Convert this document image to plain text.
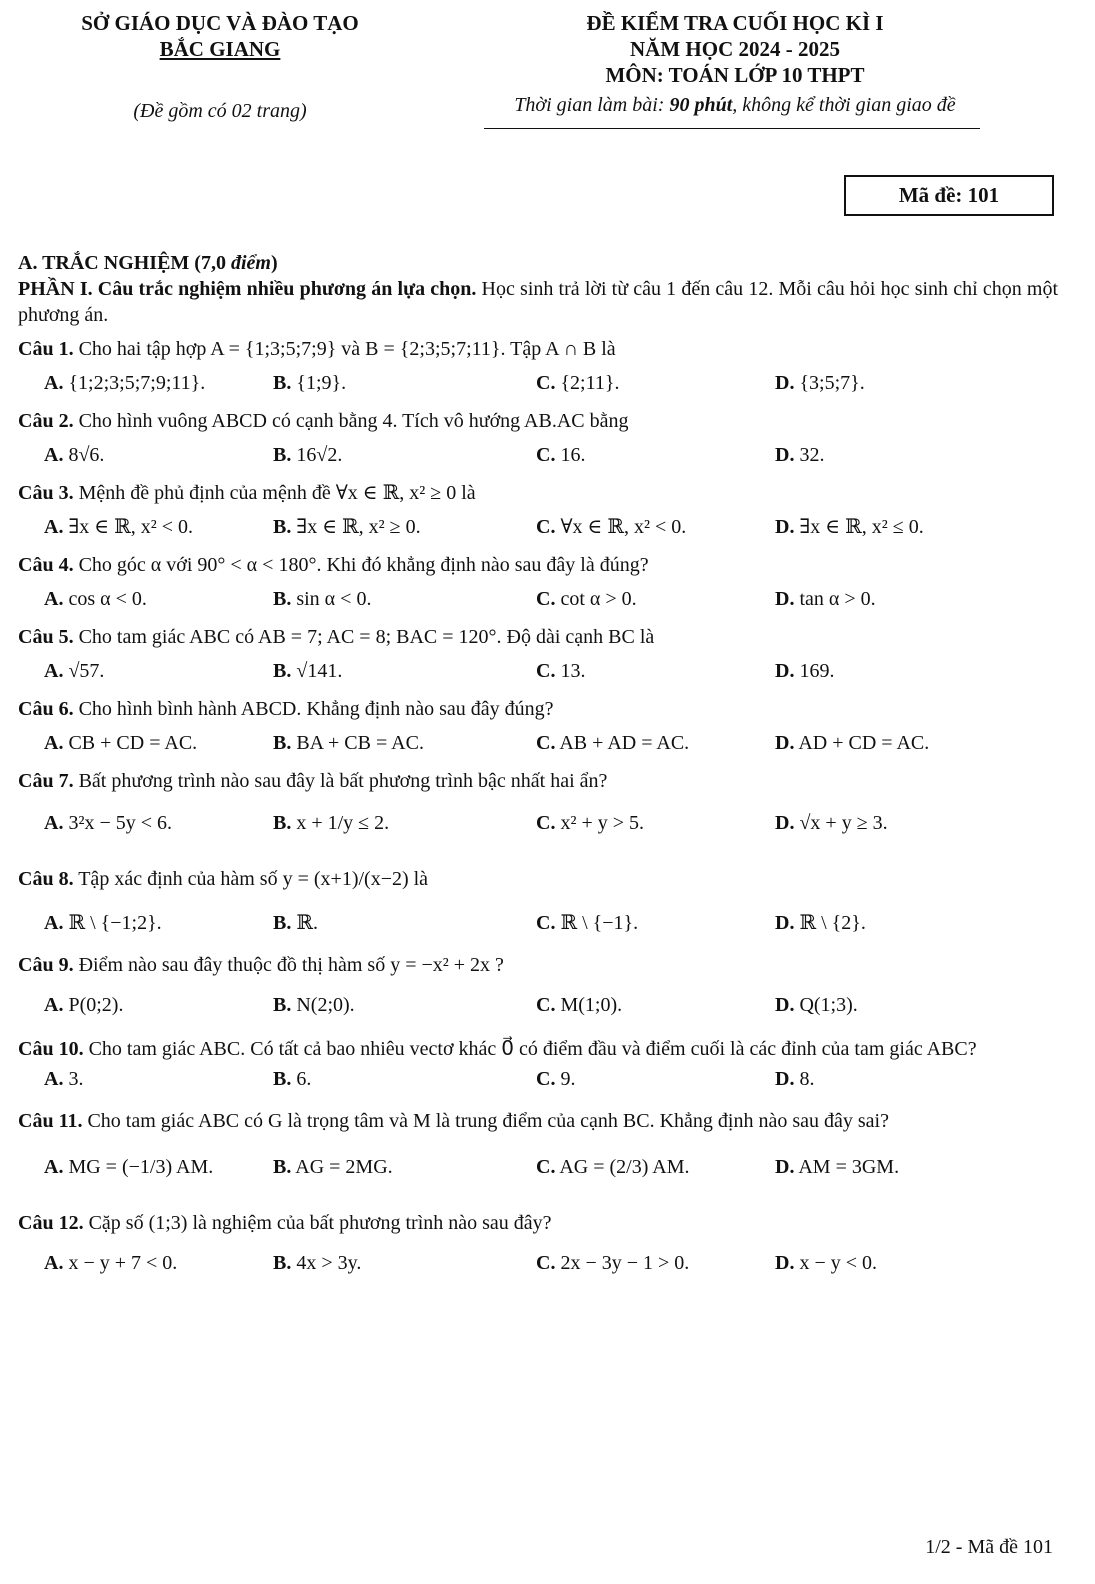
SỞ GIÁO DỤC VÀ ĐÀO TẠO
BẮC GIANG
(Đề gồm có 02 trang)
ĐỀ KIỂM TRA CUỐI HỌC KÌ I
NĂM HỌC 2024 - 2025
MÔN: TOÁN LỚP 10 THPT
Thời gian làm bài: 90 phút, không kể thời gian giao đề
Mã đề: 101
A. TRẮC NGHIỆM (7,0 điểm)
PHẦN I. Câu trắc nghiệm nhiều phương án lựa chọn. Học sinh trả lời từ câu 1 đến câu 12. Mỗi câu hỏi học sinh chỉ chọn một phương án.
Câu 1. Cho hai tập hợp A = {1;3;5;7;9} và B = {2;3;5;7;11}. Tập A ∩ B là
A. {1;2;3;5;7;9;11}.	B. {1;9}.	C. {2;11}.	D. {3;5;7}.
Câu 2. Cho hình vuông ABCD có cạnh bằng 4. Tích vô hướng AB.AC bằng
A. 8√6.	B. 16√2.	C. 16.	D. 32.
Câu 3. Mệnh đề phủ định của mệnh đề ∀x ∈ ℝ, x² ≥ 0 là
A. ∃x ∈ ℝ, x² < 0.	B. ∃x ∈ ℝ, x² ≥ 0.	C. ∀x ∈ ℝ, x² < 0.	D. ∃x ∈ ℝ, x² ≤ 0.
Câu 4. Cho góc α với 90° < α < 180°. Khi đó khẳng định nào sau đây là đúng?
A. cos α < 0.	B. sin α < 0.	C. cot α > 0.	D. tan α > 0.
Câu 5. Cho tam giác ABC có AB = 7; AC = 8; BAC = 120°. Độ dài cạnh BC là
A. √57.	B. √141.	C. 13.	D. 169.
Câu 6. Cho hình bình hành ABCD. Khẳng định nào sau đây đúng?
A. CB + CD = AC.	B. BA + CB = AC.	C. AB + AD = AC.	D. AD + CD = AC.
Câu 7. Bất phương trình nào sau đây là bất phương trình bậc nhất hai ẩn?
A. 3²x − 5y < 6.	B. x + 1/y ≤ 2.	C. x² + y > 5.	D. √x + y ≥ 3.
Câu 8. Tập xác định của hàm số y = (x+1)/(x−2) là
A. ℝ \ {−1;2}.	B. ℝ.	C. ℝ \ {−1}.	D. ℝ \ {2}.
Câu 9. Điểm nào sau đây thuộc đồ thị hàm số y = −x² + 2x ?
A. P(0;2).	B. N(2;0).	C. M(1;0).	D. Q(1;3).
Câu 10. Cho tam giác ABC. Có tất cả bao nhiêu vectơ khác 0⃗ có điểm đầu và điểm cuối là các đỉnh của tam giác ABC?
A. 3.	B. 6.	C. 9.	D. 8.
Câu 11. Cho tam giác ABC có G là trọng tâm và M là trung điểm của cạnh BC. Khẳng định nào sau đây sai?
A. MG = (−1/3) AM.	B. AG = 2MG.	C. AG = (2/3) AM.	D. AM = 3GM.
Câu 12. Cặp số (1;3) là nghiệm của bất phương trình nào sau đây?
A. x − y + 7 < 0.	B. 4x > 3y.	C. 2x − 3y − 1 > 0.	D. x − y < 0.
1/2 - Mã đề 101
